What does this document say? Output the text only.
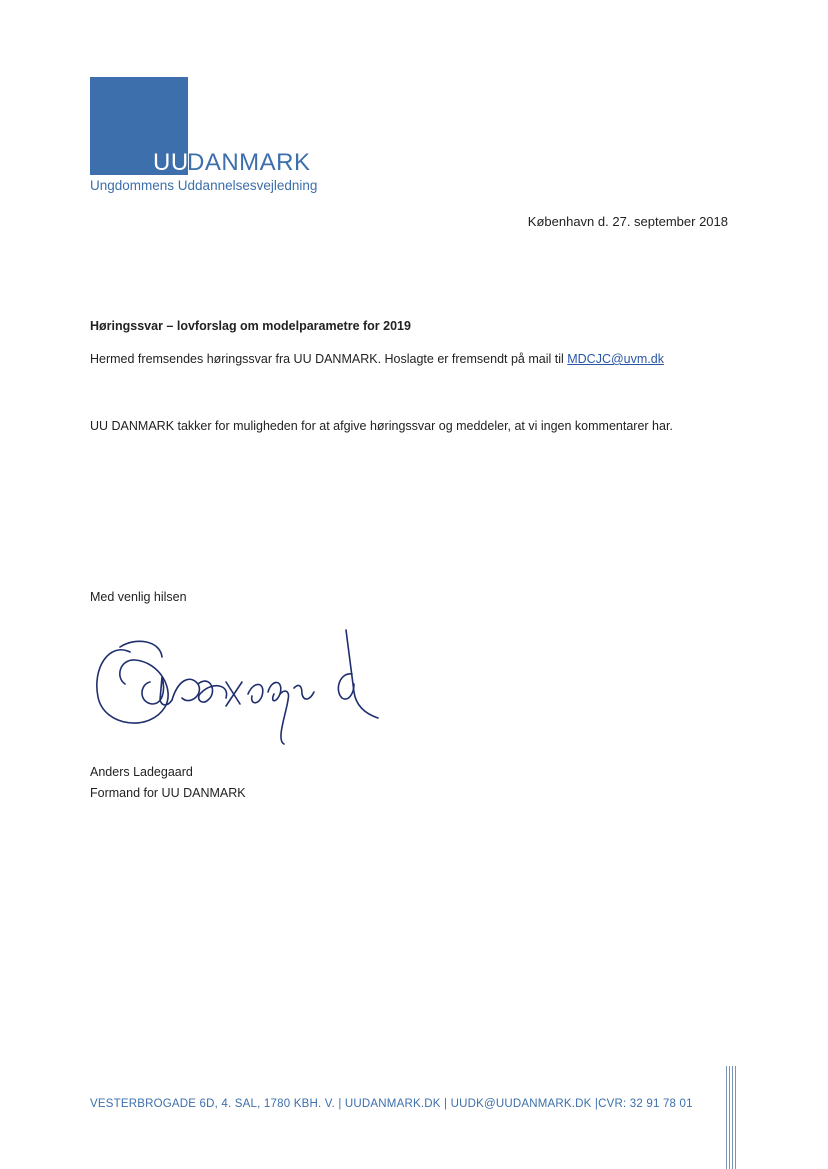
UU
DANMARK
Ungdommens Uddannelsesvejledning
København d. 27. september 2018
Høringssvar – lovforslag om modelparametre for 2019
Hermed fremsendes høringssvar fra UU DANMARK. Hoslagte er fremsendt på mail til MDCJC@uvm.dk
UU DANMARK takker for muligheden for at afgive høringssvar og meddeler, at vi ingen kommentarer har.
Med venlig hilsen
Anders Ladegaard
Formand for UU DANMARK
VESTERBROGADE 6D, 4. SAL, 1780 KBH. V. | UUDANMARK.DK | UUDK@UUDANMARK.DK |CVR: 32 91 78 01
